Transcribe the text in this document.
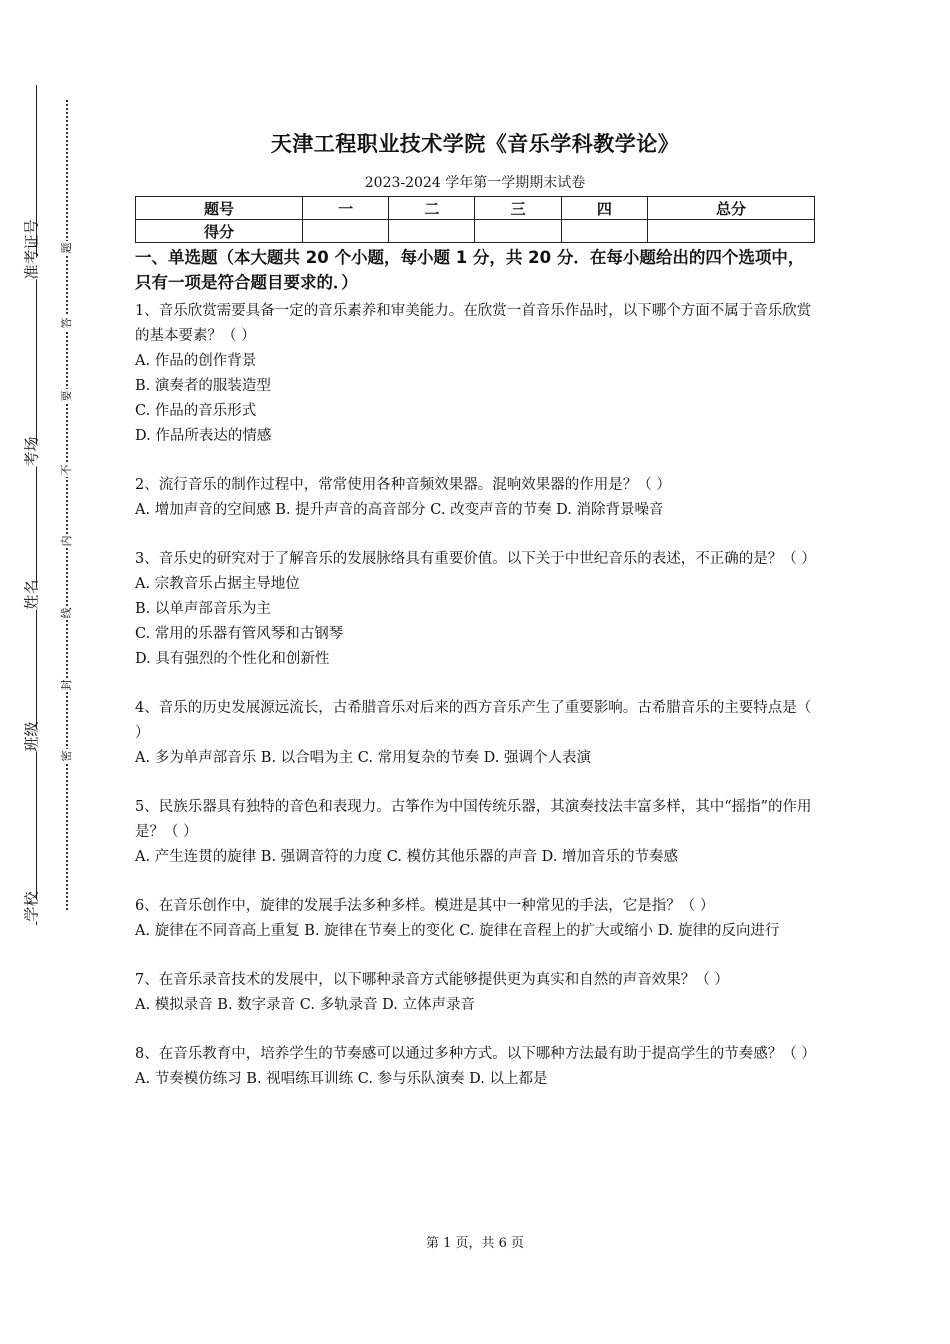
准考证号
考场
姓名
班级
学校
题
答
要
不
内
线
封
密
天津工程职业技术学院《音乐学科教学论》
2023-2024 学年第一学期期末试卷
题号	一	二	三	四	总分
得分					
一、单选题（本大题共 20 个小题，每小题 1 分，共 20 分．在每小题给出的四个选项中，只有一项是符合题目要求的．）

1、音乐欣赏需要具备一定的音乐素养和审美能力。在欣赏一首音乐作品时，以下哪个方面不属于音乐欣赏的基本要素？（ ）

A. 作品的创作背景

B. 演奏者的服装造型

C. 作品的音乐形式

D. 作品所表达的情感

2、流行音乐的制作过程中，常常使用各种音频效果器。混响效果器的作用是？（ ）

A. 增加声音的空间感 B. 提升声音的高音部分 C. 改变声音的节奏 D. 消除背景噪音

3、音乐史的研究对于了解音乐的发展脉络具有重要价值。以下关于中世纪音乐的表述，不正确的是？（ ）

A. 宗教音乐占据主导地位

B. 以单声部音乐为主

C. 常用的乐器有管风琴和古钢琴

D. 具有强烈的个性化和创新性

4、音乐的历史发展源远流长，古希腊音乐对后来的西方音乐产生了重要影响。古希腊音乐的主要特点是（ ）

A. 多为单声部音乐 B. 以合唱为主 C. 常用复杂的节奏 D. 强调个人表演

5、民族乐器具有独特的音色和表现力。古筝作为中国传统乐器，其演奏技法丰富多样，其中“摇指”的作用是？（ ）

A. 产生连贯的旋律 B. 强调音符的力度 C. 模仿其他乐器的声音 D. 增加音乐的节奏感

6、在音乐创作中，旋律的发展手法多种多样。模进是其中一种常见的手法，它是指？（ ）

A. 旋律在不同音高上重复 B. 旋律在节奏上的变化 C. 旋律在音程上的扩大或缩小 D. 旋律的反向进行

7、在音乐录音技术的发展中，以下哪种录音方式能够提供更为真实和自然的声音效果？（ ）

A. 模拟录音 B. 数字录音 C. 多轨录音 D. 立体声录音

8、在音乐教育中，培养学生的节奏感可以通过多种方式。以下哪种方法最有助于提高学生的节奏感？（ ）

A. 节奏模仿练习 B. 视唱练耳训练 C. 参与乐队演奏 D. 以上都是

第 1 页，共 6 页
